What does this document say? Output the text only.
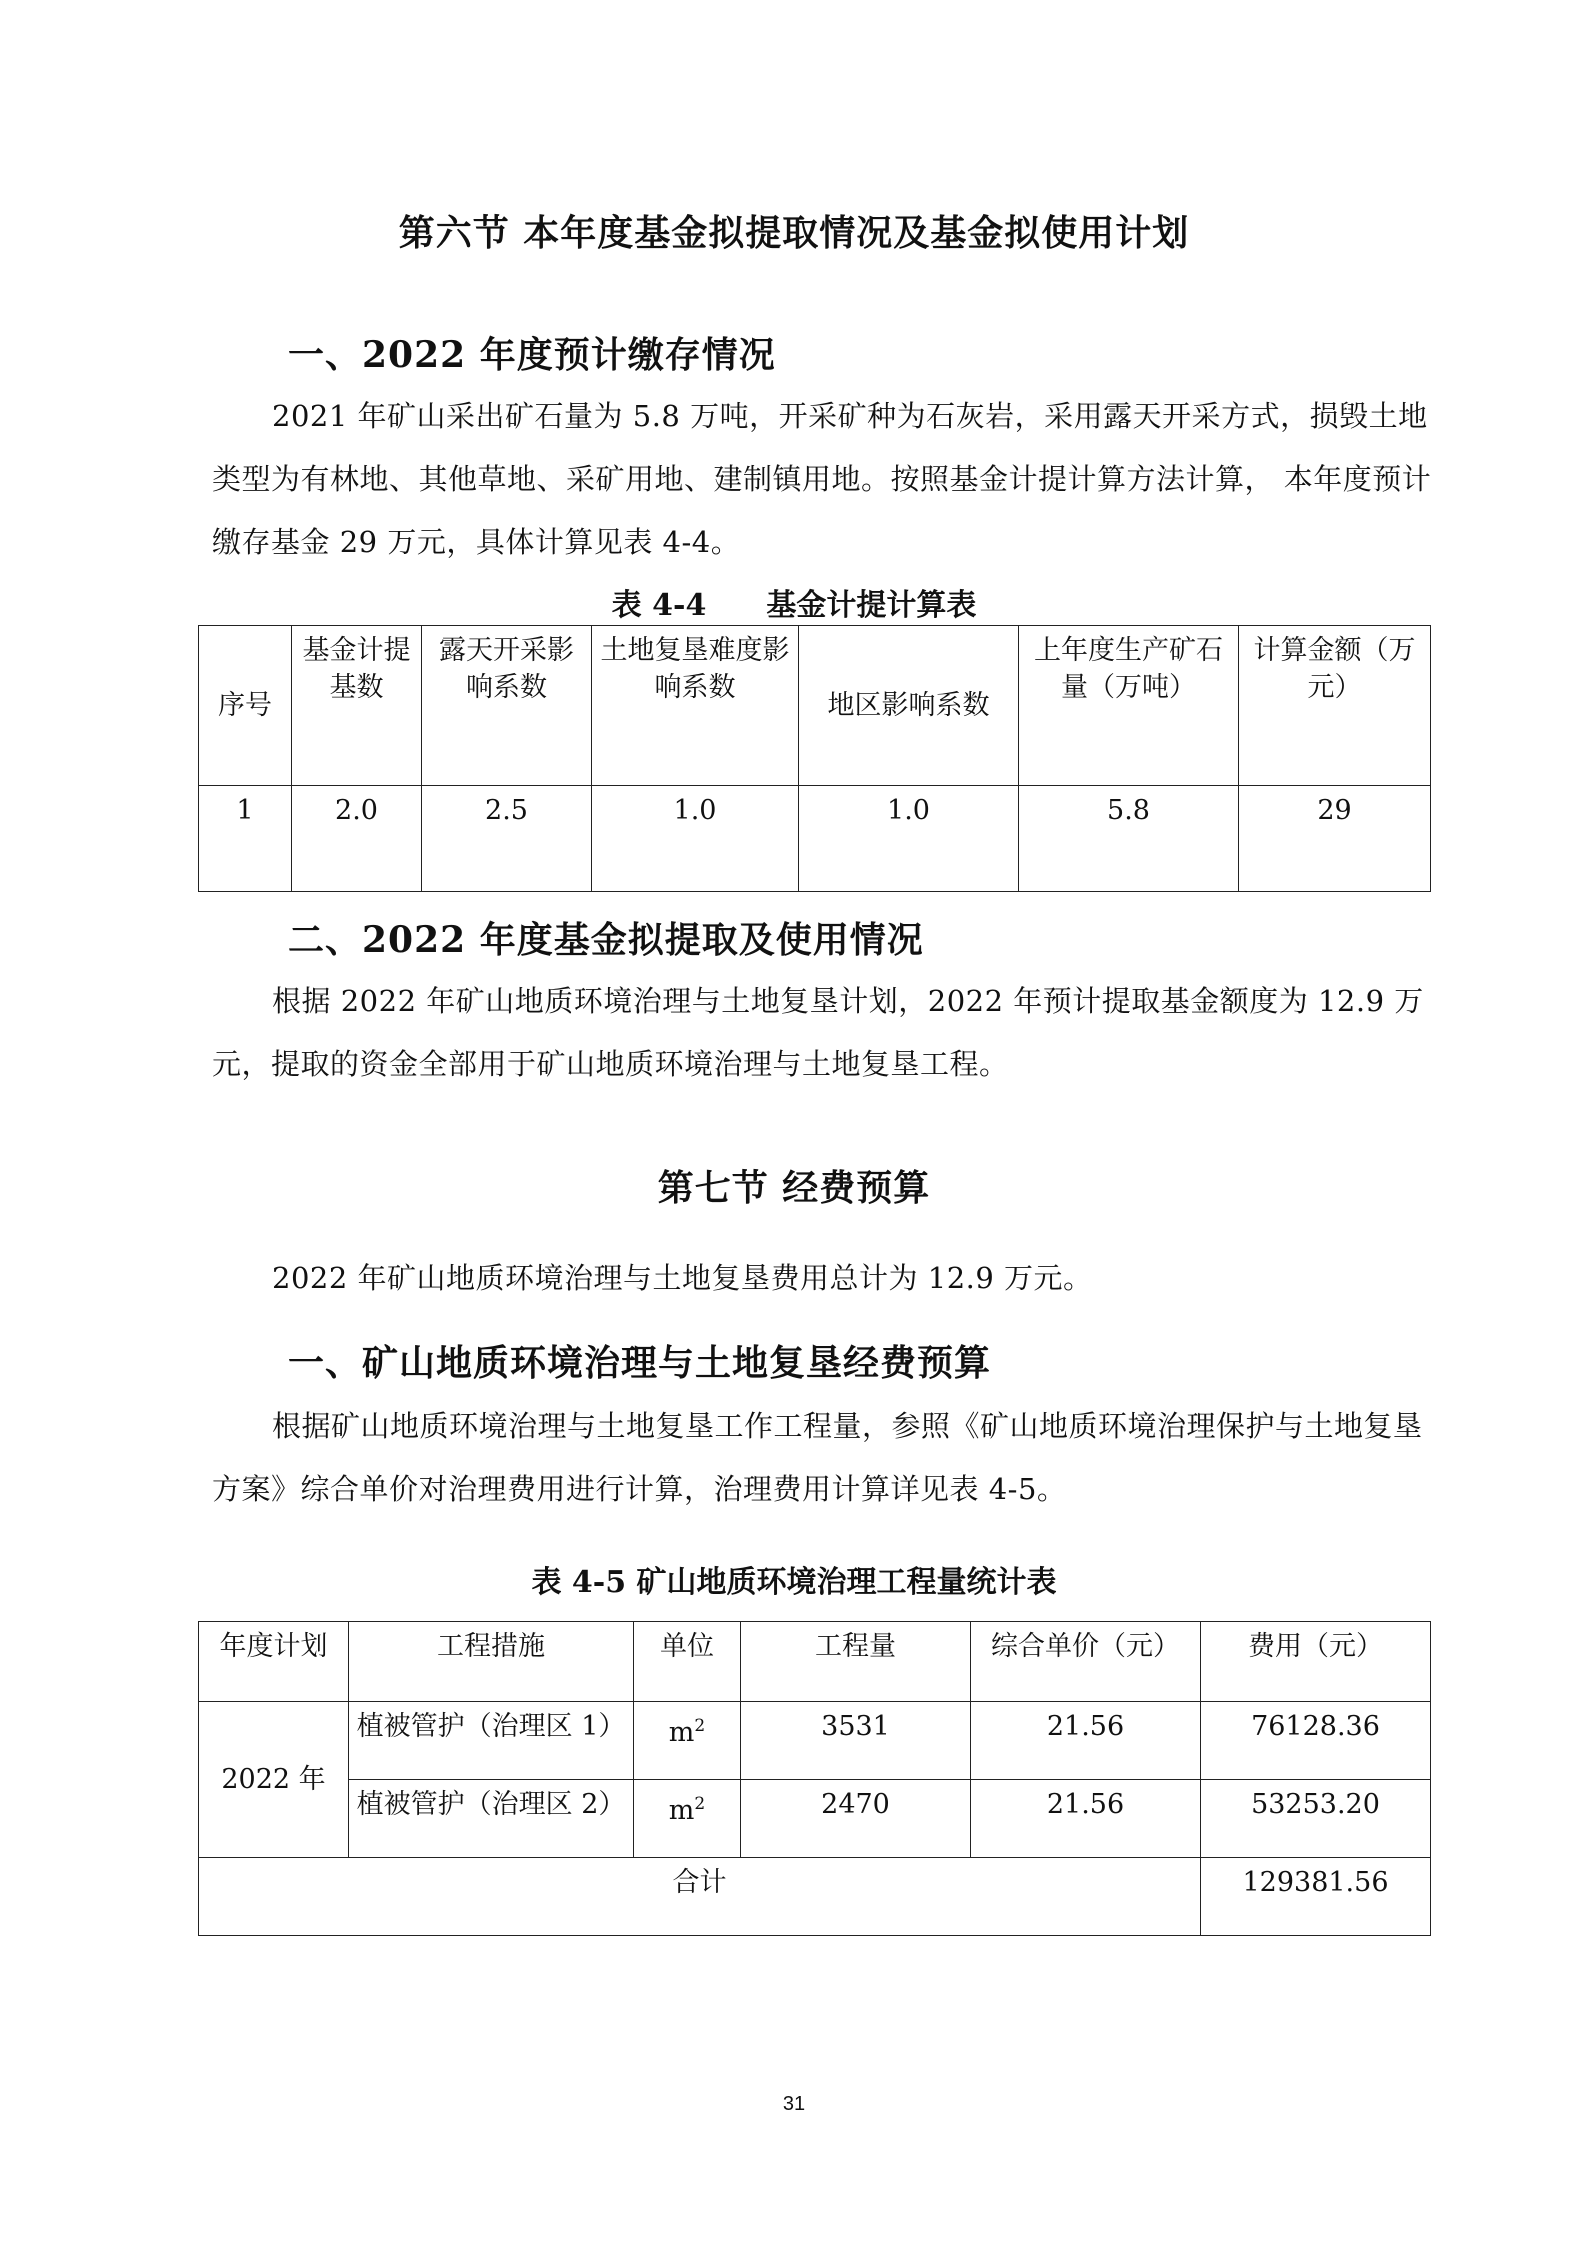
第六节 本年度基金拟提取情况及基金拟使用计划
一、2022 年度预计缴存情况
2021 年矿山采出矿石量为 5.8 万吨，开采矿种为石灰岩，采用露天开采方式，损毁土地类型为有林地、其他草地、采矿用地、建制镇用地。按照基金计提计算方法计算， 本年度预计缴存基金 29 万元，具体计算见表 4-4。
表 4-4 基金计提计算表
序号	基金计提基数	露天开采影响系数	土地复垦难度影响系数	地区影响系数	上年度生产矿石量（万吨）	计算金额（万元）
1	2.0	2.5	1.0	1.0	5.8	29
二、2022 年度基金拟提取及使用情况
根据 2022 年矿山地质环境治理与土地复垦计划，2022 年预计提取基金额度为 12.9 万元，提取的资金全部用于矿山地质环境治理与土地复垦工程。
第七节 经费预算
2022 年矿山地质环境治理与土地复垦费用总计为 12.9 万元。
一、矿山地质环境治理与土地复垦经费预算
根据矿山地质环境治理与土地复垦工作工程量，参照《矿山地质环境治理保护与土地复垦方案》综合单价对治理费用进行计算，治理费用计算详见表 4-5。
表 4-5 矿山地质环境治理工程量统计表
年度计划	工程措施	单位	工程量	综合单价（元）	费用（元）
2022 年	植被管护（治理区 1）	$m^2$	3531	21.56	76128.36
	植被管护（治理区 2）	$m^2$	2470	21.56	53253.20
合计					129381.56
31
